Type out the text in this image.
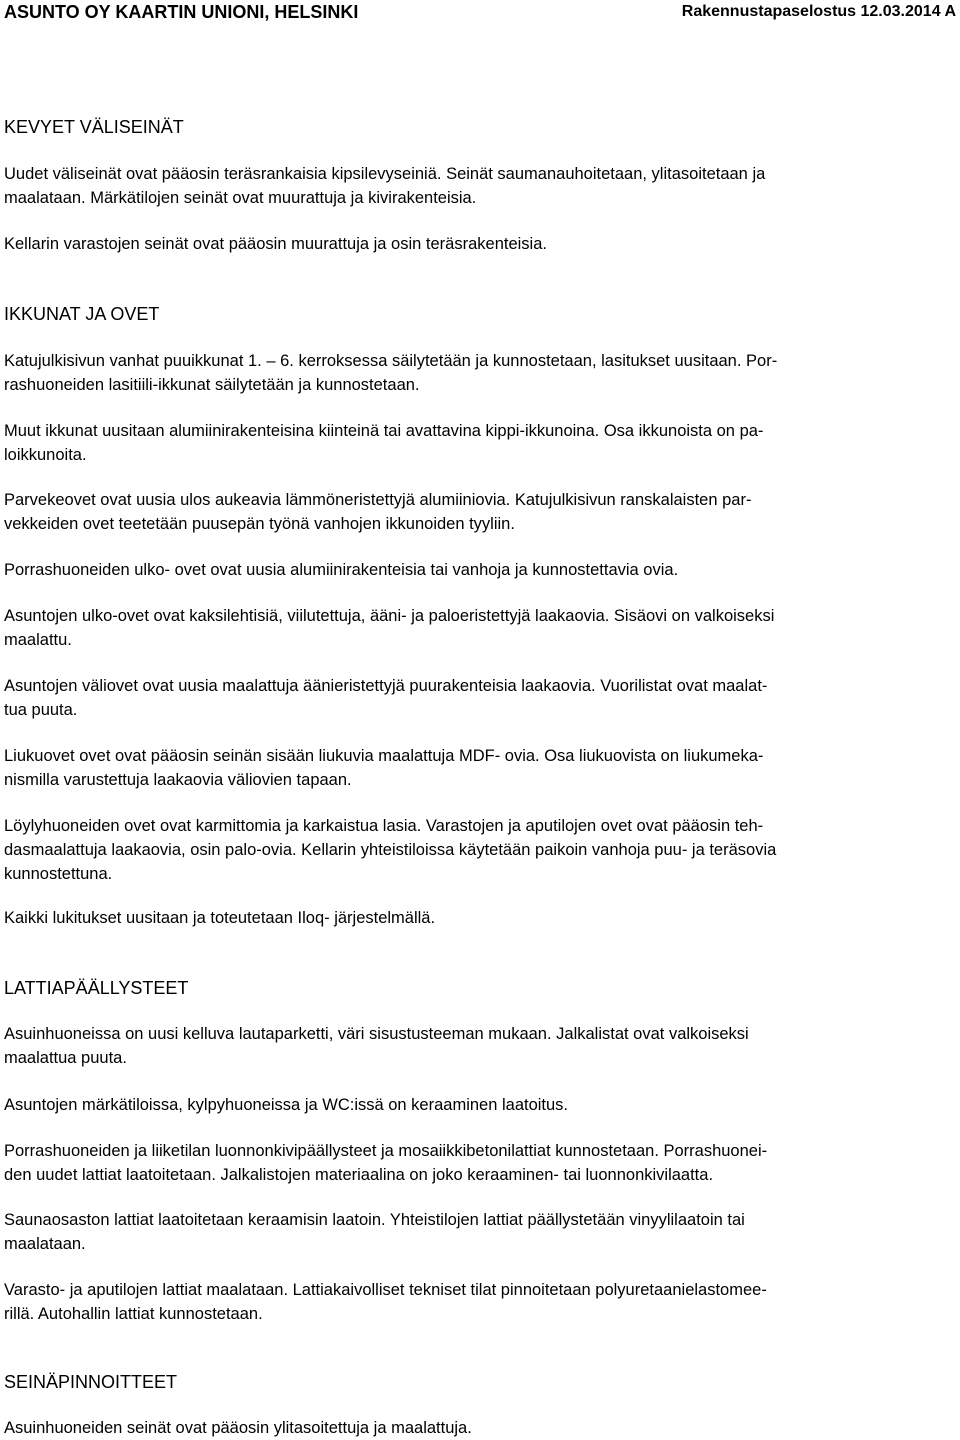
ASUNTO OY KAARTIN UNIONI, HELSINKI	Rakennustapaselostus 12.03.2014 A
KEVYET VÄLISEINÄT
Uudet väliseinät ovat pääosin teräsrankaisia kipsilevyseiniä. Seinät saumanauhoitetaan, ylitasoitetaan ja
maalataan. Märkätilojen seinät ovat muurattuja ja kivirakenteisia.
Kellarin varastojen seinät ovat pääosin muurattuja ja osin teräsrakenteisia.
IKKUNAT JA OVET
Katujulkisivun vanhat puuikkunat 1. – 6. kerroksessa säilytetään ja kunnostetaan, lasitukset uusitaan. Por-
rashuoneiden lasitiili-ikkunat säilytetään ja kunnostetaan.
Muut ikkunat uusitaan alumiinirakenteisina kiinteinä tai avattavina kippi-ikkunoina. Osa ikkunoista on pa-
loikkunoita.
Parvekeovet ovat uusia ulos aukeavia lämmöneristettyjä alumiiniovia. Katujulkisivun ranskalaisten par-
vekkeiden ovet teetetään puusepän työnä vanhojen ikkunoiden tyyliin.
Porrashuoneiden ulko- ovet ovat uusia alumiinirakenteisia tai vanhoja ja kunnostettavia ovia.
Asuntojen ulko-ovet ovat kaksilehtisiä, viilutettuja, ääni- ja paloeristettyjä laakaovia. Sisäovi on valkoiseksi
maalattu.
Asuntojen väliovet ovat uusia maalattuja äänieristettyjä puurakenteisia laakaovia. Vuorilistat ovat maalat-
tua puuta.
Liukuovet ovet ovat pääosin seinän sisään liukuvia maalattuja MDF- ovia. Osa liukuovista on liukumeka-
nismilla varustettuja laakaovia väliovien tapaan.
Löylyhuoneiden ovet ovat karmittomia ja karkaistua lasia. Varastojen ja aputilojen ovet ovat pääosin teh-
dasmaalattuja laakaovia, osin palo-ovia. Kellarin yhteistiloissa käytetään paikoin vanhoja puu- ja teräsovia
kunnostettuna.
Kaikki lukitukset uusitaan ja toteutetaan Iloq- järjestelmällä.
LATTIAPÄÄLLYSTEET
Asuinhuoneissa on uusi kelluva lautaparketti, väri sisustusteeman mukaan. Jalkalistat ovat valkoiseksi
maalattua puuta.
Asuntojen märkätiloissa, kylpyhuoneissa ja WC:issä on keraaminen laatoitus.
Porrashuoneiden ja liiketilan luonnonkivipäällysteet ja mosaiikkibetonilattiat kunnostetaan. Porrashuonei-
den uudet lattiat laatoitetaan. Jalkalistojen materiaalina on joko keraaminen- tai luonnonkivilaatta.
Saunaosaston lattiat laatoitetaan keraamisin laatoin. Yhteistilojen lattiat päällystetään vinyylilaatoin tai
maalataan.
Varasto- ja aputilojen lattiat maalataan. Lattiakaivolliset tekniset tilat pinnoitetaan polyuretaanielastomee-
rillä. Autohallin lattiat kunnostetaan.
SEINÄPINNOITTEET
Asuinhuoneiden seinät ovat pääosin ylitasoitettuja ja maalattuja.
